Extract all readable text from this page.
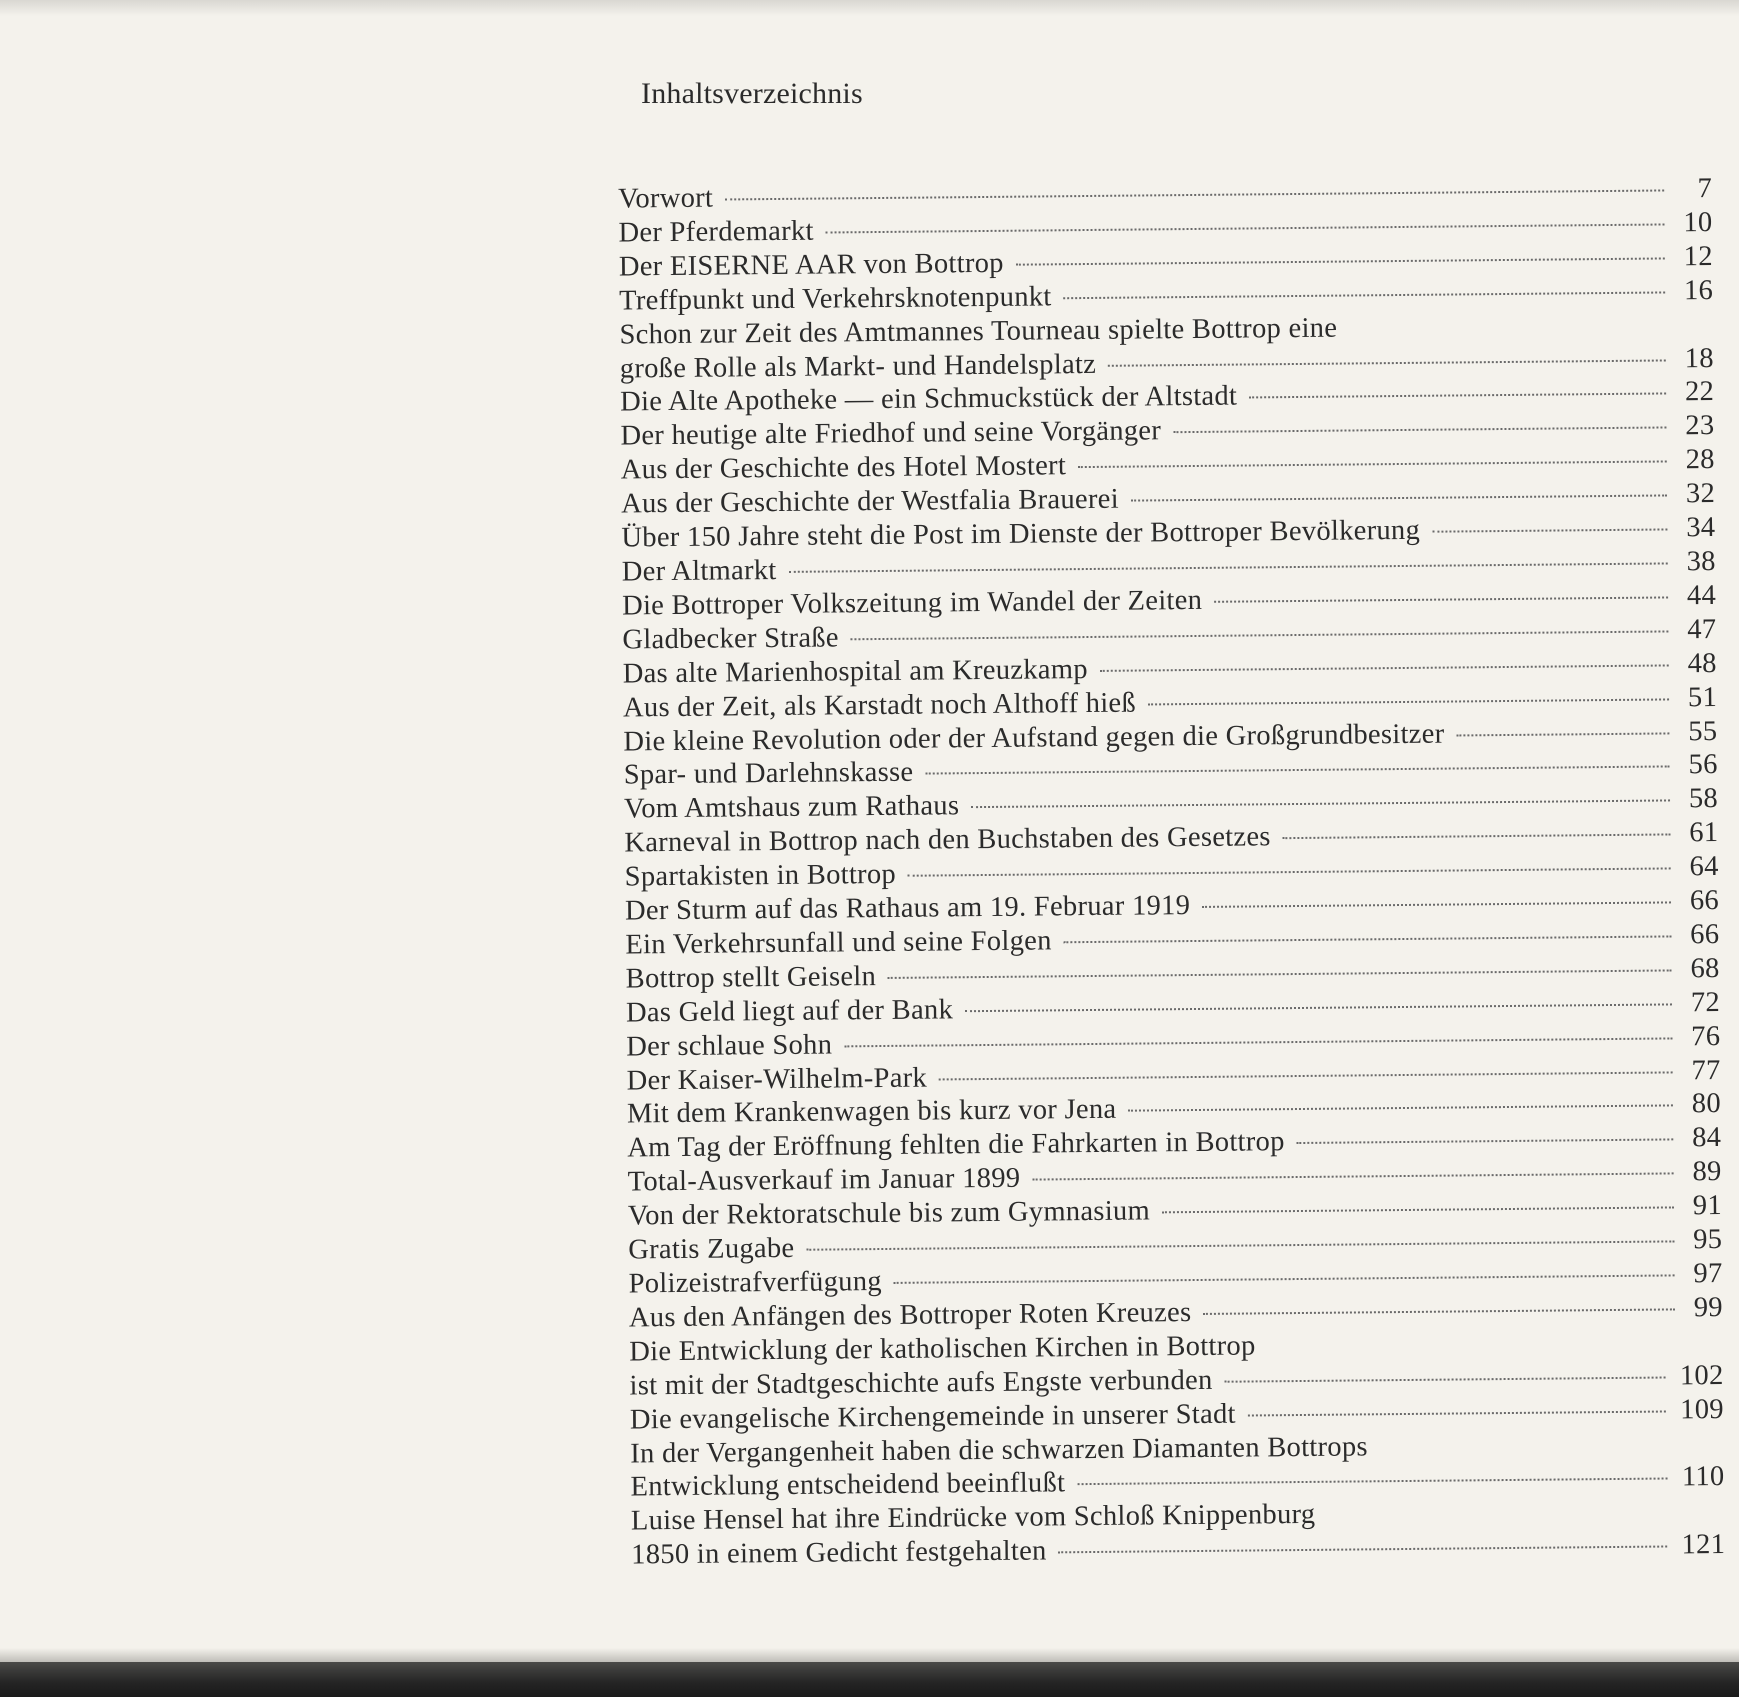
Inhaltsverzeichnis
Vorwort	7
Der Pferdemarkt	10
Der EISERNE AAR von Bottrop	12
Treffpunkt und Verkehrsknotenpunkt	16
Schon zur Zeit des Amtmannes Tourneau spielte Bottrop eine
große Rolle als Markt- und Handelsplatz	18
Die Alte Apotheke — ein Schmuckstück der Altstadt	22
Der heutige alte Friedhof und seine Vorgänger	23
Aus der Geschichte des Hotel Mostert	28
Aus der Geschichte der Westfalia Brauerei	32
Über 150 Jahre steht die Post im Dienste der Bottroper Bevölkerung	34
Der Altmarkt	38
Die Bottroper Volkszeitung im Wandel der Zeiten	44
Gladbecker Straße	47
Das alte Marienhospital am Kreuzkamp	48
Aus der Zeit, als Karstadt noch Althoff hieß	51
Die kleine Revolution oder der Aufstand gegen die Großgrundbesitzer	55
Spar- und Darlehnskasse	56
Vom Amtshaus zum Rathaus	58
Karneval in Bottrop nach den Buchstaben des Gesetzes	61
Spartakisten in Bottrop	64
Der Sturm auf das Rathaus am 19. Februar 1919	66
Ein Verkehrsunfall und seine Folgen	66
Bottrop stellt Geiseln	68
Das Geld liegt auf der Bank	72
Der schlaue Sohn	76
Der Kaiser-Wilhelm-Park	77
Mit dem Krankenwagen bis kurz vor Jena	80
Am Tag der Eröffnung fehlten die Fahrkarten in Bottrop	84
Total-Ausverkauf im Januar 1899	89
Von der Rektoratschule bis zum Gymnasium	91
Gratis Zugabe	95
Polizeistrafverfügung	97
Aus den Anfängen des Bottroper Roten Kreuzes	99
Die Entwicklung der katholischen Kirchen in Bottrop
ist mit der Stadtgeschichte aufs Engste verbunden	102
Die evangelische Kirchengemeinde in unserer Stadt	109
In der Vergangenheit haben die schwarzen Diamanten Bottrops
Entwicklung entscheidend beeinflußt	110
Luise Hensel hat ihre Eindrücke vom Schloß Knippenburg
1850 in einem Gedicht festgehalten	121
